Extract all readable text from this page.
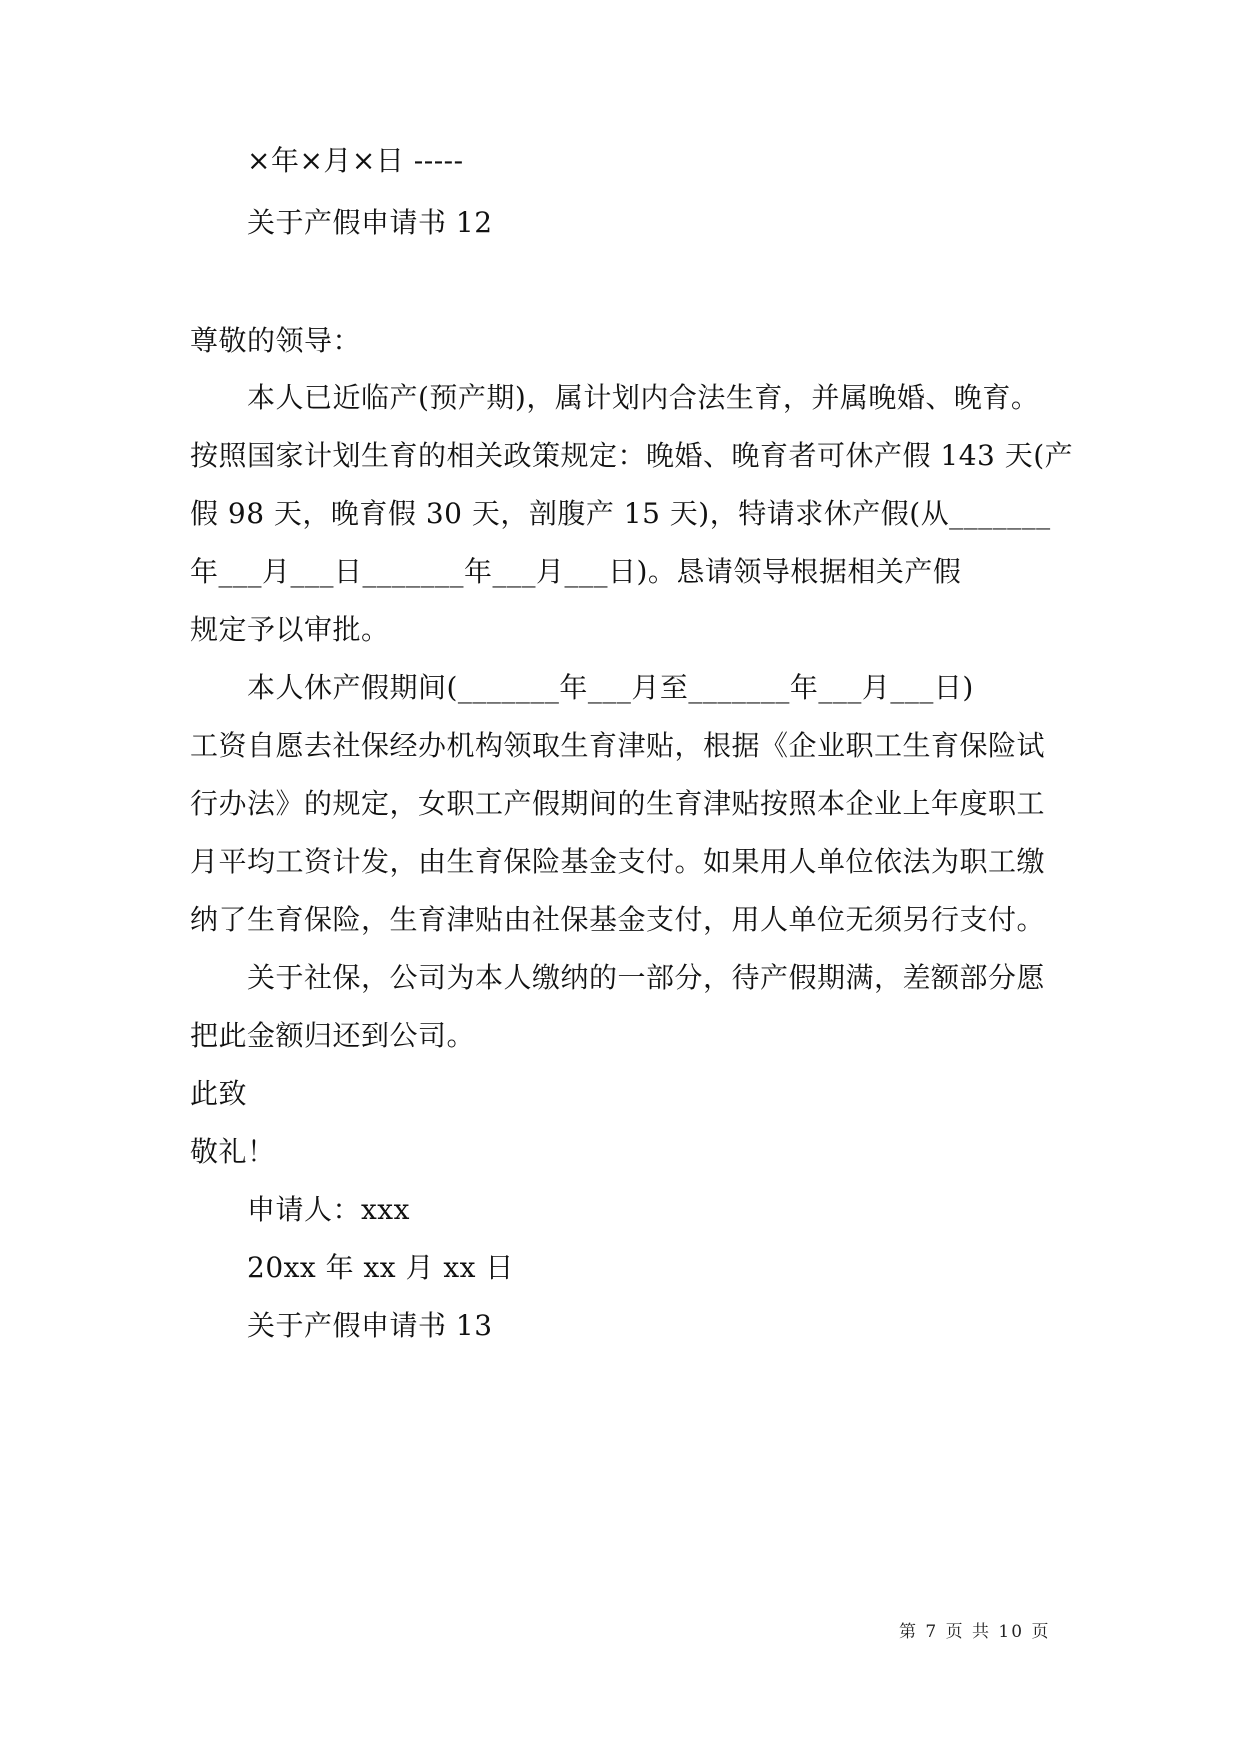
×年×月×日 -----
关于产假申请书 12
尊敬的领导：
本人已近临产(预产期)，属计划内合法生育，并属晚婚、晚育。
按照国家计划生育的相关政策规定：晚婚、晚育者可休产假 143 天(产
假 98 天，晚育假 30 天，剖腹产 15 天)，特请求休产假(从_______
年___月___日_______年___月___日)。恳请领导根据相关产假
规定予以审批。
本人休产假期间(_______年___月至_______年___月___日)
工资自愿去社保经办机构领取生育津贴，根据《企业职工生育保险试
行办法》的规定，女职工产假期间的生育津贴按照本企业上年度职工
月平均工资计发，由生育保险基金支付。如果用人单位依法为职工缴
纳了生育保险，生育津贴由社保基金支付，用人单位无须另行支付。
关于社保，公司为本人缴纳的一部分，待产假期满，差额部分愿
把此金额归还到公司。
此致
敬礼！
申请人：xxx
20xx 年 xx 月 xx 日
关于产假申请书 13
第 7 页 共 10 页
